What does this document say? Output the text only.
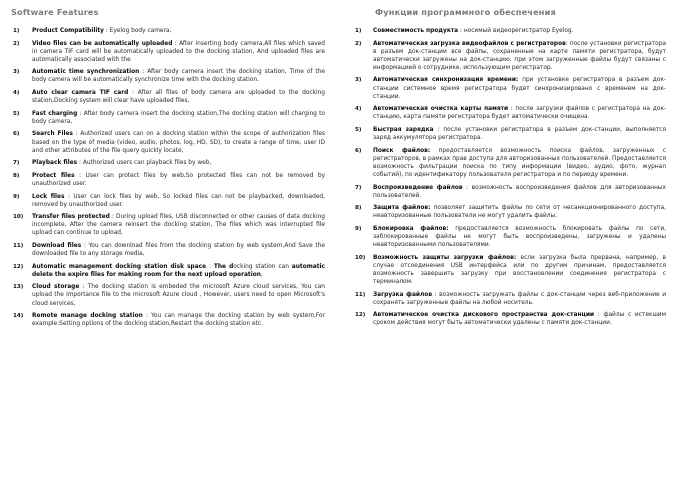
Software Features
1)	Product Compatibility : Eyelog body camera,
2)	Video files can be automatically uploaded : After inserting body camera,All files which saved in camera TIF card will be automatically uploaded to the docking station, And uploaded files are automatically associated with the
3)	Automatic time synchronization : After body camera insert the docking station, Time of the body camera will be automatically synchronize time with the docking station.
4)	Auto clear camera TIF card : After all files of body camera are uploaded to the docking station,Docking system will clear have uploaded files,
5)	Fast charging : After body camera insert the docking station,The docking station will charging to body camera,
6)	Search Files : Authorized users can on a docking station within the scope of authorization files based on the type of media (video, audio, photos, log, HD, SD), to create a range of time, user ID and other attributes of the file query quickly locate,
7)	Playback files : Authorized users can playback files by web,
8)	Protect files : User can protect files by web,So protected files can not be removed by unauthorized user.
9)	Lock files : User can lock files by web, So locked files can not be playbacked, downloaded, removed by unauthorized user.
10)	Transfer files protected : During upload files, USB disconnected or other causes of data docking incomplete, After the camera reinsert the docking station, The files which was interrupted file upload can continue to upload,
11)	Download files : You can download files from the docking station by web system,And Save the downloaded file to any storage media,
12)	Automatic management docking station disk space : The docking station can automatic delete the expire files for making room for the next upload operation,
13)	Cloud storage : The docking station is embeded the microsoft Azure cloud services, You can upload the importance file to the microsoft Azure cloud , However, users need to open Microsoft's cloud services,
14)	Remote manage docking station : You can manage the docking station by web system,For example:Setting options of the docking station,Restart the docking station etc.
Функции программного обеспечения
1)	Совместимость продукта : носимый видеорегистратор Eyelog.
2)	Автоматическая загрузка видеофайлов с регистраторов: после установки регистратора в разъем док-станции все файлы, сохраненные на карте памяти регистратора, будут автоматически загружены на док-станцию, при этом загруженные файлы будут связаны с информацией о сотруднике, использующим регистратор.
3)	Автоматическая синхронизация времени: при установке регистратора в разъем док-станции системное время регистратора будет синхронизировано с временем на док-станции.
4)	Автоматическая очистка карты памяти : после загрузки файлов с регистратора на док-станцию, карта памяти регистратора будет автоматически очищена.
5)	Быстрая зарядка : после установки регистратора в разъем док-станции, выполняется заряд аккумулятора регистратора.
6)	Поиск файлов: предоставляется возможность поиска файлов, загруженных с регистраторов, в рамках прав доступа для авторизованных пользователей. Предоставляется возможность фильтрации поиска по типу информации (видео, аудио, фото, журнал событий), по идентификатору пользователя регистратора и по периоду времени.
7)	Воспроизведение файлов : возможность воспроизведения файлов для авторизованных пользователей.
8)	Защита файлов: позволяет защитить файлы по сети от несанкционированного доступа, неавторизованные пользователи не могут удалить файлы.
9)	Блокировка файлов: предоставляется возможность блокировать файлы по сети, заблокированные файлы не могут быть воспроизведены, загружены и удалены неавторизованными пользователями.
10)	Возможность защиты загрузки файлов: если загрузка была прервана, например, в случае отсоединения USB интерфейса или по другим причинам, предоставляется возможность завершить загрузку при восстановлении соединения регистратора с терминалом.
11)	Загрузка файлов : возможность загружать файлы с док-станции через веб-приложение и сохранять загруженные файлы на любой носитель.
12)	Автоматическое очистка дискового пространства док-станции : файлы с истекшим сроком действия могут быть автоматически удалены с памяти док-станции.
